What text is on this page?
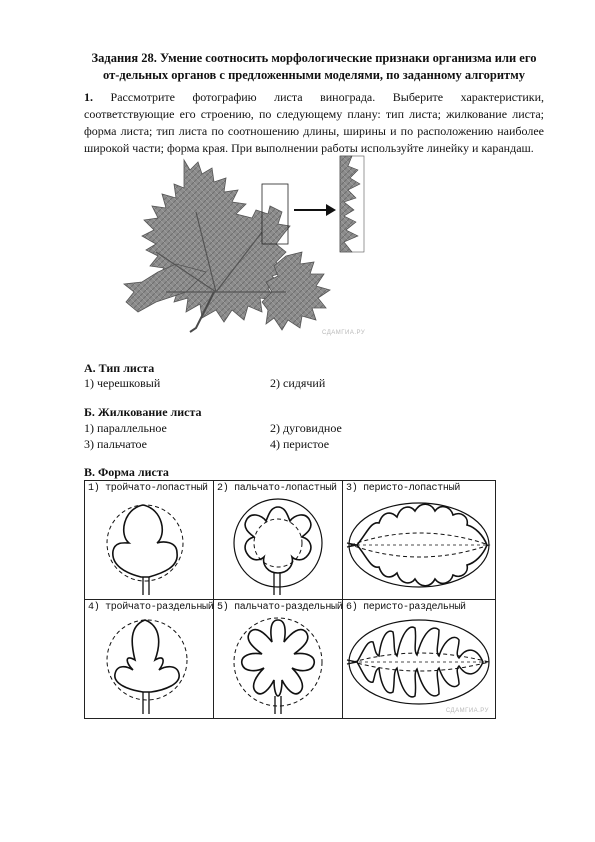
Задания 28. Умение соотносить морфологические признаки организма или его от-дельных органов с предложенными моделями, по заданному алгоритму
1. Рассмотрите фотографию листа винограда. Выберите характеристики, соответствующие его строению, по следующему плану: тип листа; жилкование листа; форма листа; тип листа по соотношению длины, ширины и по расположению наиболее широкой части; форма края. При выполнении работы используйте линейку и карандаш.
СДАМГИА.РУ
А. Тип листа
1) черешковый	2) сидячий
Б. Жилкование листа
1) параллельное	2) дуговидное
3) пальчатое	4) перистое
В. Форма листа
1) тройчато-лопастный	2) пальчато-лопастный	3) перисто-лопастный

4) тройчато-раздельный	5) пальчато-раздельный	6) перисто-раздельный
СДАМГИА.РУ
